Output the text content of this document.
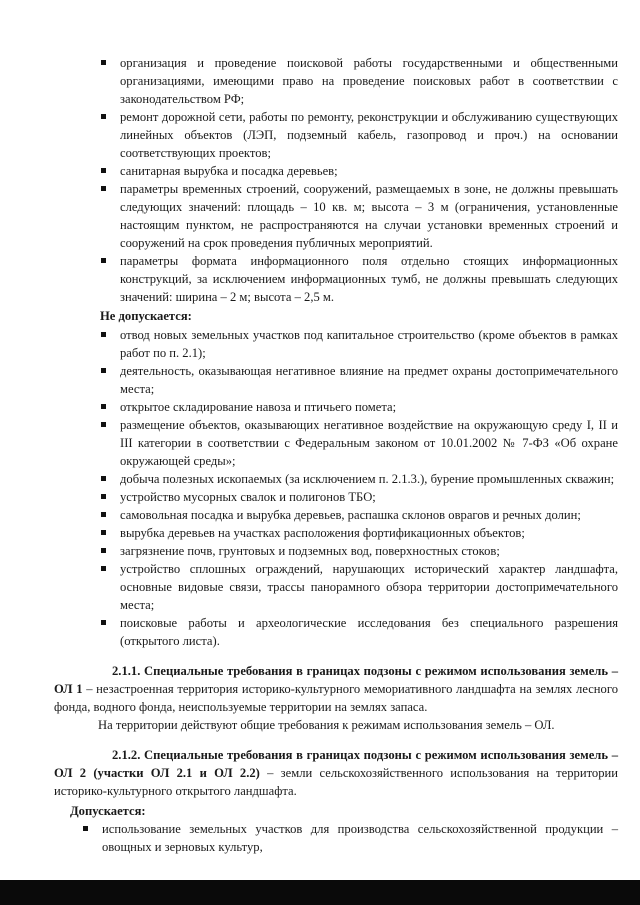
организация и проведение поисковой работы государственными и общественными организациями, имеющими право на проведение поисковых работ в соответствии с законодательством РФ;
ремонт дорожной сети, работы по ремонту, реконструкции и обслуживанию существующих линейных объектов (ЛЭП, подземный кабель, газопровод и проч.) на основании соответствующих проектов;
санитарная вырубка и посадка деревьев;
параметры временных строений, сооружений, размещаемых в зоне, не должны превышать следующих значений: площадь – 10 кв. м; высота – 3 м (ограничения, установленные настоящим пунктом, не распространяются на случаи установки временных строений и сооружений на срок проведения публичных мероприятий.
параметры формата информационного поля отдельно стоящих информационных конструкций, за исключением информационных тумб, не должны превышать следующих значений: ширина – 2 м; высота – 2,5 м.
Не допускается:
отвод новых земельных участков под капитальное строительство (кроме объектов в рамках работ по п. 2.1);
деятельность, оказывающая негативное влияние на предмет охраны достопримечательного места;
открытое складирование навоза и птичьего помета;
размещение объектов, оказывающих негативное воздействие на окружающую среду I, II и III категории в соответствии с Федеральным законом от 10.01.2002 № 7-ФЗ «Об охране окружающей среды»;
добыча полезных ископаемых (за исключением п. 2.1.3.), бурение промышленных скважин;
устройство мусорных свалок и полигонов ТБО;
самовольная посадка и вырубка деревьев, распашка склонов оврагов и речных долин;
вырубка деревьев на участках расположения фортификационных объектов;
загрязнение почв, грунтовых и подземных вод, поверхностных стоков;
устройство сплошных ограждений, нарушающих исторический характер ландшафта, основные видовые связи, трассы панорамного обзора территории достопримечательного места;
поисковые работы и археологические исследования без специального разрешения (открытого листа).

2.1.1. Специальные требования в границах подзоны с режимом использования земель – ОЛ 1 – незастроенная территория историко-культурного мемориативного ландшафта на землях лесного фонда, водного фонда, неиспользуемые территории на землях запаса.

На территории действуют общие требования к режимам использования земель – ОЛ.

2.1.2. Специальные требования в границах подзоны с режимом использования земель – ОЛ 2 (участки ОЛ 2.1 и ОЛ 2.2) – земли сельскохозяйственного использования на территории историко-культурного открытого ландшафта.

Допускается:
использование земельных участков для производства сельскохозяйственной продукции – овощных и зерновых культур,
